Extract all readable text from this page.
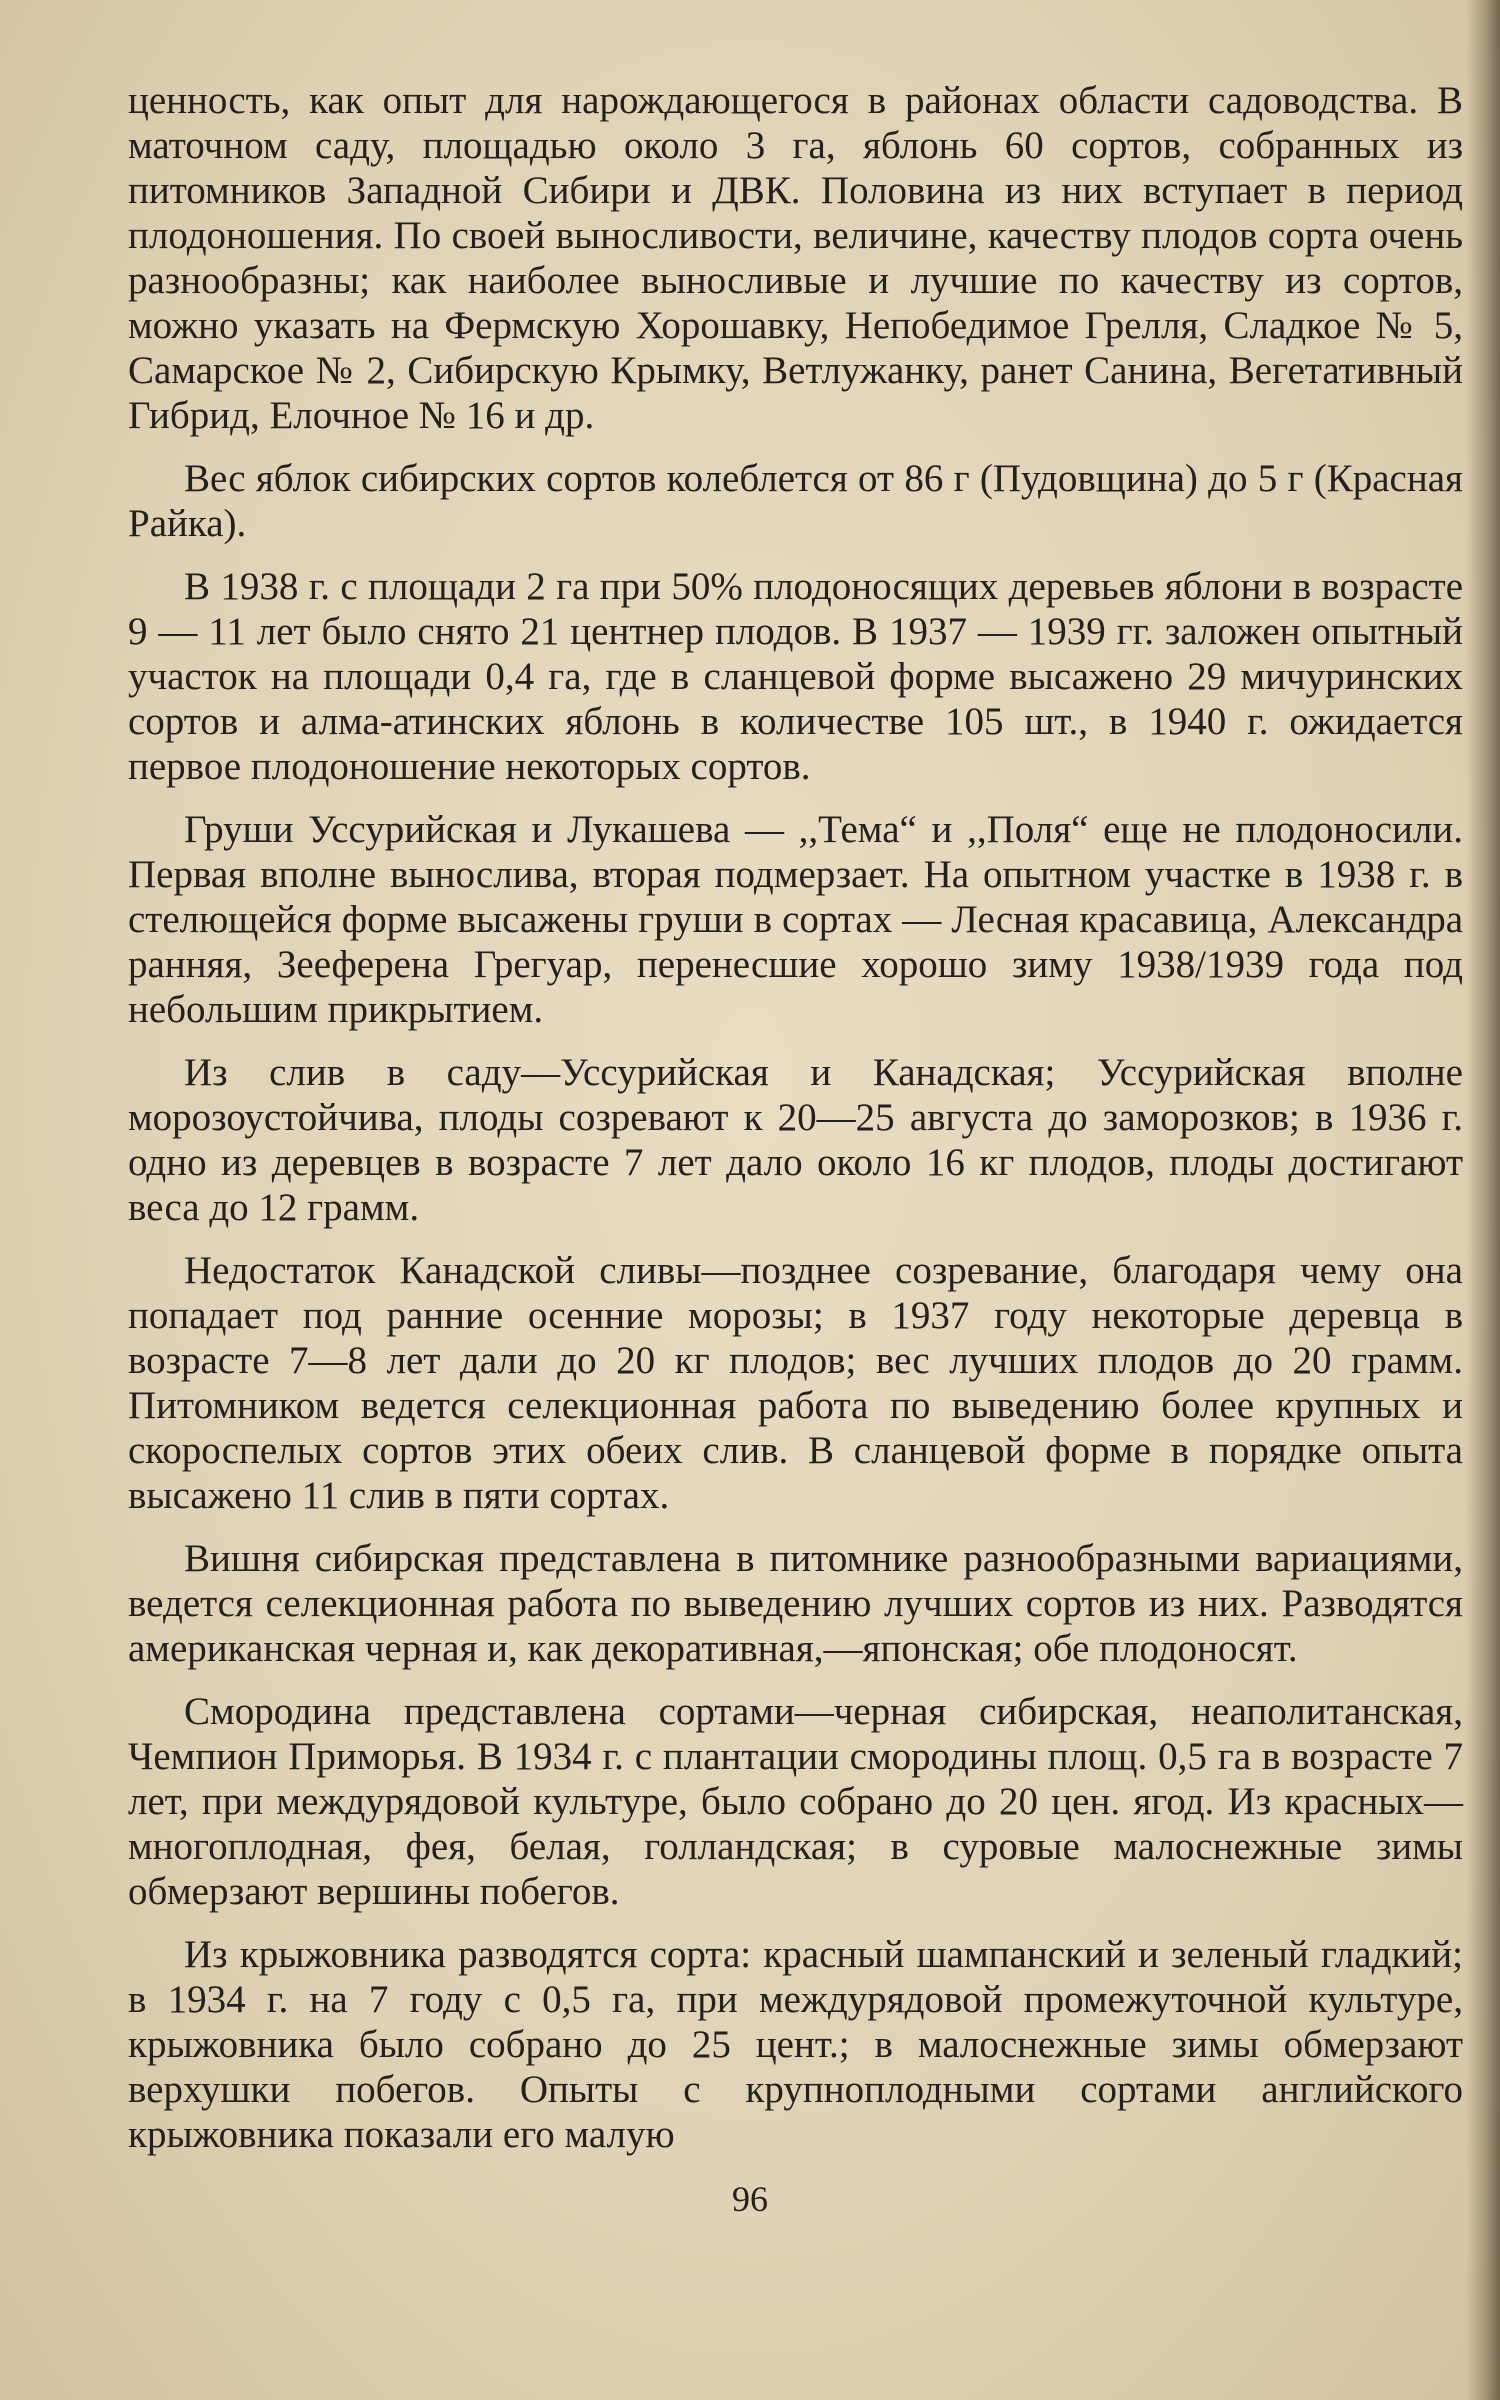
ценность, как опыт для нарождающегося в районах области садоводства. В маточном саду, площадью около 3 га, яблонь 60 сортов, собранных из питомников Западной Сибири и ДВК. Половина из них вступает в период плодоношения. По своей выносливости, величине, качеству плодов сорта очень разнообразны; как наиболее выносливые и лучшие по качеству из сортов, можно указать на Фермскую Хорошавку, Непобедимое Грелля, Сладкое № 5, Самарское № 2, Сибирскую Крымку, Ветлужанку, ранет Санина, Вегетативный Гибрид, Елочное № 16 и др.

Вес яблок сибирских сортов колеблется от 86 г (Пудовщина) до 5 г (Красная Райка).

В 1938 г. с площади 2 га при 50% плодоносящих деревьев яблони в возрасте 9 — 11 лет было снято 21 центнер плодов. В 1937 — 1939 гг. заложен опытный участок на площади 0,4 га, где в сланцевой форме высажено 29 мичуринских сортов и алма-атинских яблонь в количестве 105 шт., в 1940 г. ожидается первое плодоношение некоторых сортов.

Груши Уссурийская и Лукашева — ,,Тема“ и ,,Поля“ еще не плодоносили. Первая вполне вынослива, вторая подмерзает. На опытном участке в 1938 г. в стелющейся форме высажены груши в сортах — Лесная красавица, Александра ранняя, Зееферена Грегуар, перенесшие хорошо зиму 1938/1939 года под небольшим прикрытием.

Из слив в саду—Уссурийская и Канадская; Уссурийская вполне морозоустойчива, плоды созревают к 20—25 августа до заморозков; в 1936 г. одно из деревцев в возрасте 7 лет дало около 16 кг плодов, плоды достигают веса до 12 грамм.

Недостаток Канадской сливы—позднее созревание, благодаря чему она попадает под ранние осенние морозы; в 1937 году некоторые деревца в возрасте 7—8 лет дали до 20 кг плодов; вес лучших плодов до 20 грамм. Питомником ведется селекционная работа по выведению более крупных и скороспелых сортов этих обеих слив. В сланцевой форме в порядке опыта высажено 11 слив в пяти сортах.

Вишня сибирская представлена в питомнике разнообразными вариациями, ведется селекционная работа по выведению лучших сортов из них. Разводятся американская черная и, как декоративная,—японская; обе плодоносят.

Смородина представлена сортами—черная сибирская, неаполитанская, Чемпион Приморья. В 1934 г. с плантации смородины площ. 0,5 га в возрасте 7 лет, при междурядовой культуре, было собрано до 20 цен. ягод. Из красных—многоплодная, фея, белая, голландская; в суровые малоснежные зимы обмерзают вершины побегов.

Из крыжовника разводятся сорта: красный шампанский и зеленый гладкий; в 1934 г. на 7 году с 0,5 га, при междурядовой промежуточной культуре, крыжовника было собрано до 25 цент.; в малоснежные зимы обмерзают верхушки побегов. Опыты с крупноплодными сортами английского крыжовника показали его малую

96
